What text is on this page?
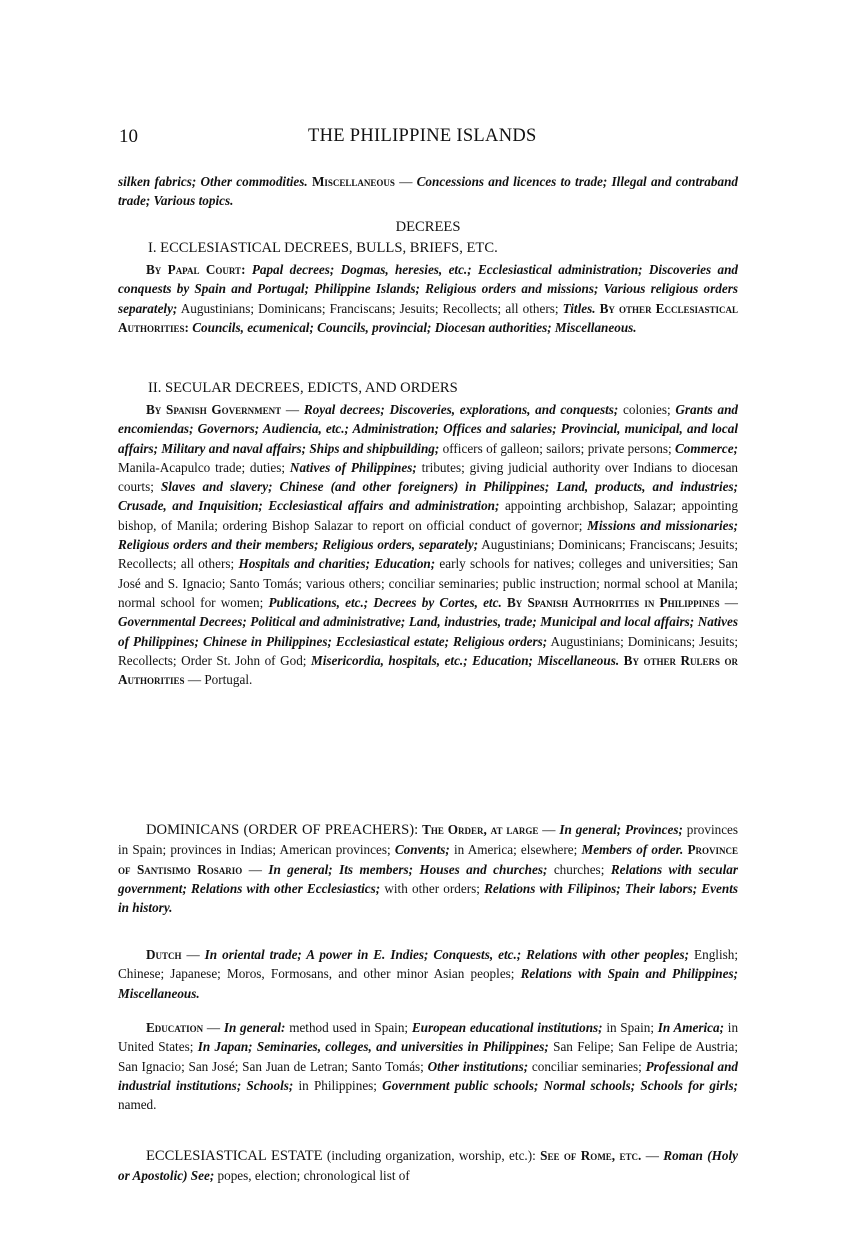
10	THE PHILIPPINE ISLANDS
silken fabrics; Other commodities. Miscellaneous — Concessions and licences to trade; Illegal and contraband trade; Various topics.
DECREES
I. ECCLESIASTICAL DECREES, BULLS, BRIEFS, ETC.
By Papal Court: Papal decrees; Dogmas, heresies, etc.; Ecclesiastical administration; Discoveries and conquests by Spain and Portugal; Philippine Islands; Religious orders and missions; Various religious orders separately; Augustinians; Dominicans; Franciscans; Jesuits; Recollects; all others; Titles. By other Ecclesiastical Authorities: Councils, ecumenical; Councils, provincial; Diocesan authorities; Miscellaneous.
II. SECULAR DECREES, EDICTS, AND ORDERS
By Spanish Government — Royal decrees; Discoveries, explorations, and conquests; colonies; Grants and encomiendas; Governors; Audiencia, etc.; Administration; Offices and salaries; Provincial, municipal, and local affairs; Military and naval affairs; Ships and shipbuilding; officers of galleon; sailors; private persons; Commerce; Manila-Acapulco trade; duties; Natives of Philippines; tributes; giving judicial authority over Indians to diocesan courts; Slaves and slavery; Chinese (and other foreigners) in Philippines; Land, products, and industries; Crusade, and Inquisition; Ecclesiastical affairs and administration; appointing archbishop, Salazar; appointing bishop, of Manila; ordering Bishop Salazar to report on official conduct of governor; Missions and missionaries; Religious orders and their members; Religious orders, separately; Augustinians; Dominicans; Franciscans; Jesuits; Recollects; all others; Hospitals and charities; Education; early schools for natives; colleges and universities; San José and S. Ignacio; Santo Tomás; various others; conciliar seminaries; public instruction; normal school at Manila; normal school for women; Publications, etc.; Decrees by Cortes, etc. By Spanish Authorities in Philippines — Governmental Decrees; Political and administrative; Land, industries, trade; Municipal and local affairs; Natives of Philippines; Chinese in Philippines; Ecclesiastical estate; Religious orders; Augustinians; Dominicans; Jesuits; Recollects; Order St. John of God; Misericordia, hospitals, etc.; Education; Miscellaneous. By other Rulers or Authorities — Portugal.
DOMINICANS (ORDER OF PREACHERS): The Order, at large — In general; Provinces; provinces in Spain; provinces in Indias; American provinces; Convents; in America; elsewhere; Members of order. Province of Santisimo Rosario — In general; Its members; Houses and churches; churches; Relations with secular government; Relations with other Ecclesiastics; with other orders; Relations with Filipinos; Their labors; Events in history.
Dutch — In oriental trade; A power in E. Indies; Conquests, etc.; Relations with other peoples; English; Chinese; Japanese; Moros, Formosans, and other minor Asian peoples; Relations with Spain and Philippines; Miscellaneous.
Education — In general: method used in Spain; European educational institutions; in Spain; In America; in United States; In Japan; Seminaries, colleges, and universities in Philippines; San Felipe; San Felipe de Austria; San Ignacio; San José; San Juan de Letran; Santo Tomás; Other institutions; conciliar seminaries; Professional and industrial institutions; Schools; in Philippines; Government public schools; Normal schools; Schools for girls; named.
ECCLESIASTICAL ESTATE (including organization, worship, etc.): See of Rome, etc. — Roman (Holy or Apostolic) See; popes, election; chronological list of
